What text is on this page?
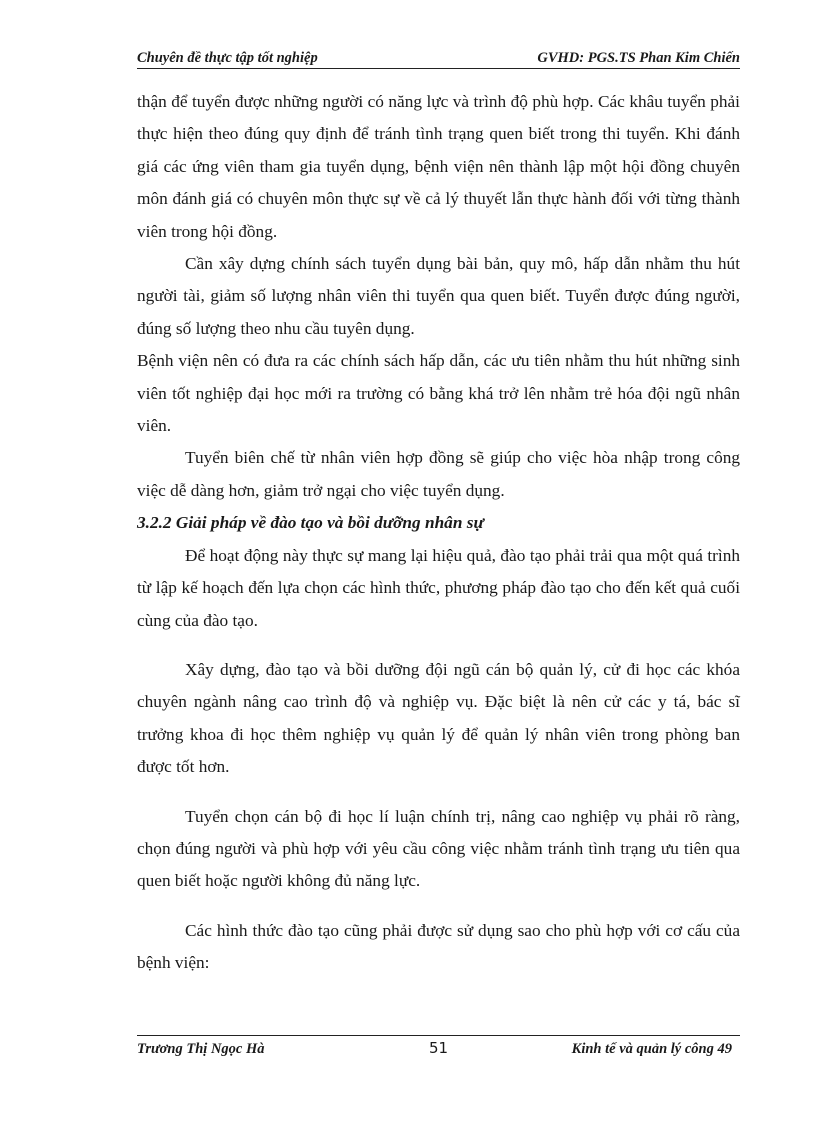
Chuyên đề thực tập tốt nghiệp	GVHD: PGS.TS Phan Kim Chiến

thận để tuyển được những người có năng lực và trình độ phù hợp. Các khâu tuyển phải thực hiện theo đúng quy định để tránh tình trạng quen biết trong thi tuyển. Khi đánh giá các ứng viên tham gia tuyển dụng, bệnh viện nên thành lập một hội đồng chuyên môn đánh giá có chuyên môn thực sự về cả lý thuyết lẫn thực hành đối với từng thành viên trong hội đồng.

Cần xây dựng chính sách tuyển dụng bài bản, quy mô, hấp dẫn nhằm thu hút người tài, giảm số lượng nhân viên thi tuyển qua quen biết. Tuyển được đúng người, đúng số lượng theo nhu cầu tuyên dụng.

Bệnh viện nên có đưa ra các chính sách hấp dẫn, các ưu tiên nhằm thu hút những sinh viên tốt nghiệp đại học mới ra trường có bằng khá trở lên nhằm trẻ hóa đội ngũ nhân viên.

Tuyển biên chế từ nhân viên hợp đồng sẽ giúp cho việc hòa nhập trong công việc dễ dàng hơn, giảm trở ngại cho việc tuyển dụng.

3.2.2 Giải pháp về đào tạo và bồi dưỡng nhân sự

Để hoạt động này thực sự mang lại hiệu quả, đào tạo phải trải qua một quá trình từ lập kế hoạch đến lựa chọn các hình thức, phương pháp đào tạo cho đến kết quả cuối cùng của đào tạo.

Xây dựng, đào tạo và bồi dưỡng đội ngũ cán bộ quản lý, cử đi học các khóa chuyên ngành nâng cao trình độ và nghiệp vụ. Đặc biệt là nên cử các y tá, bác sĩ trưởng khoa đi học thêm nghiệp vụ quản lý để quản lý nhân viên trong phòng ban được tốt hơn.

Tuyển chọn cán bộ đi học lí luận chính trị, nâng cao nghiệp vụ phải rõ ràng, chọn đúng người và phù hợp với yêu cầu công việc nhằm tránh tình trạng ưu tiên qua quen biết hoặc người không đủ năng lực.

Các hình thức đào tạo cũng phải được sử dụng sao cho phù hợp với cơ cấu của bệnh viện:

Trương Thị Ngọc Hà	51	Kinh tế và quản lý công 49
